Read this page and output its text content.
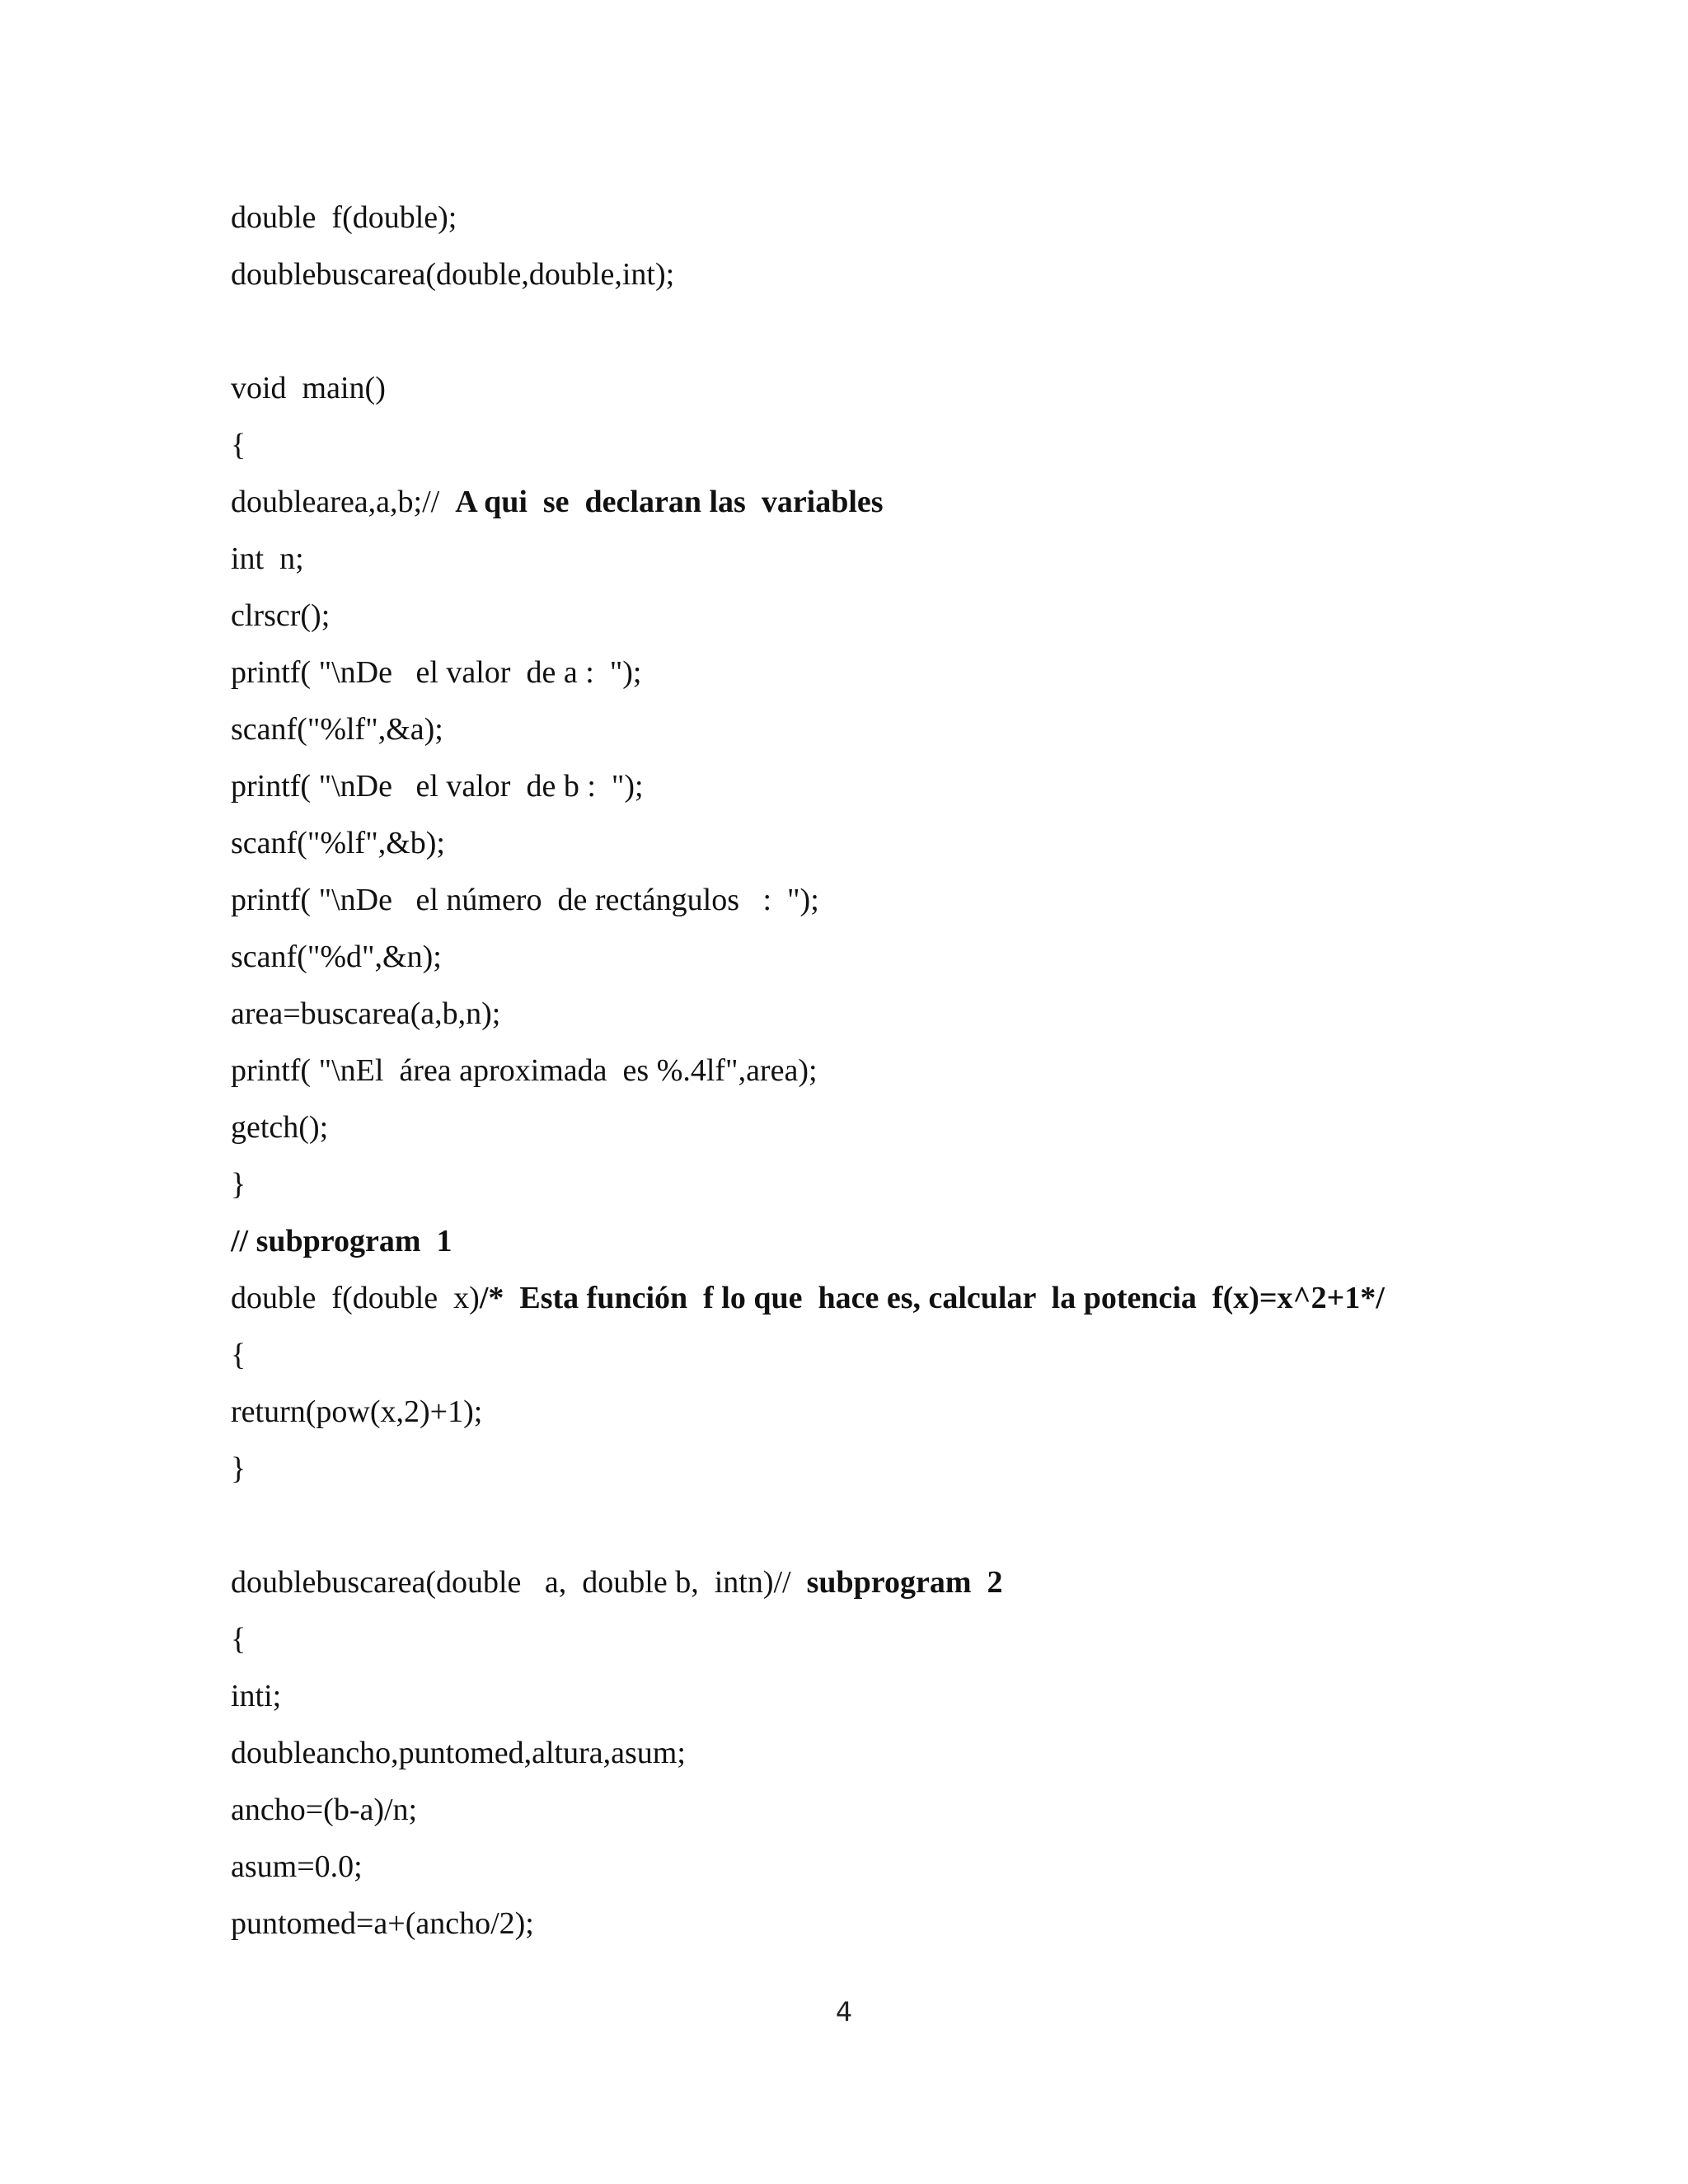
double  f(double);
doublebuscarea(double,double,int);
void  main()
{
doublearea,a,b;//  A qui  se  declaran las  variables
int  n;
clrscr();
printf( "\nDe   el valor  de a :  ");
scanf("%lf",&a);
printf( "\nDe   el valor  de b :  ");
scanf("%lf",&b);
printf( "\nDe   el número  de rectángulos   :  ");
scanf("%d",&n);
area=buscarea(a,b,n);
printf( "\nEl  área aproximada  es %.4lf",area);
getch();
}
// subprogram  1
double  f(double  x)/*  Esta función  f lo que  hace es, calcular  la potencia  f(x)=x^2+1*/
{
return(pow(x,2)+1);
}
doublebuscarea(double   a,  double b,  intn)//  subprogram  2
{
inti;
doubleancho,puntomed,altura,asum;
ancho=(b-a)/n;
asum=0.0;
puntomed=a+(ancho/2);
4
